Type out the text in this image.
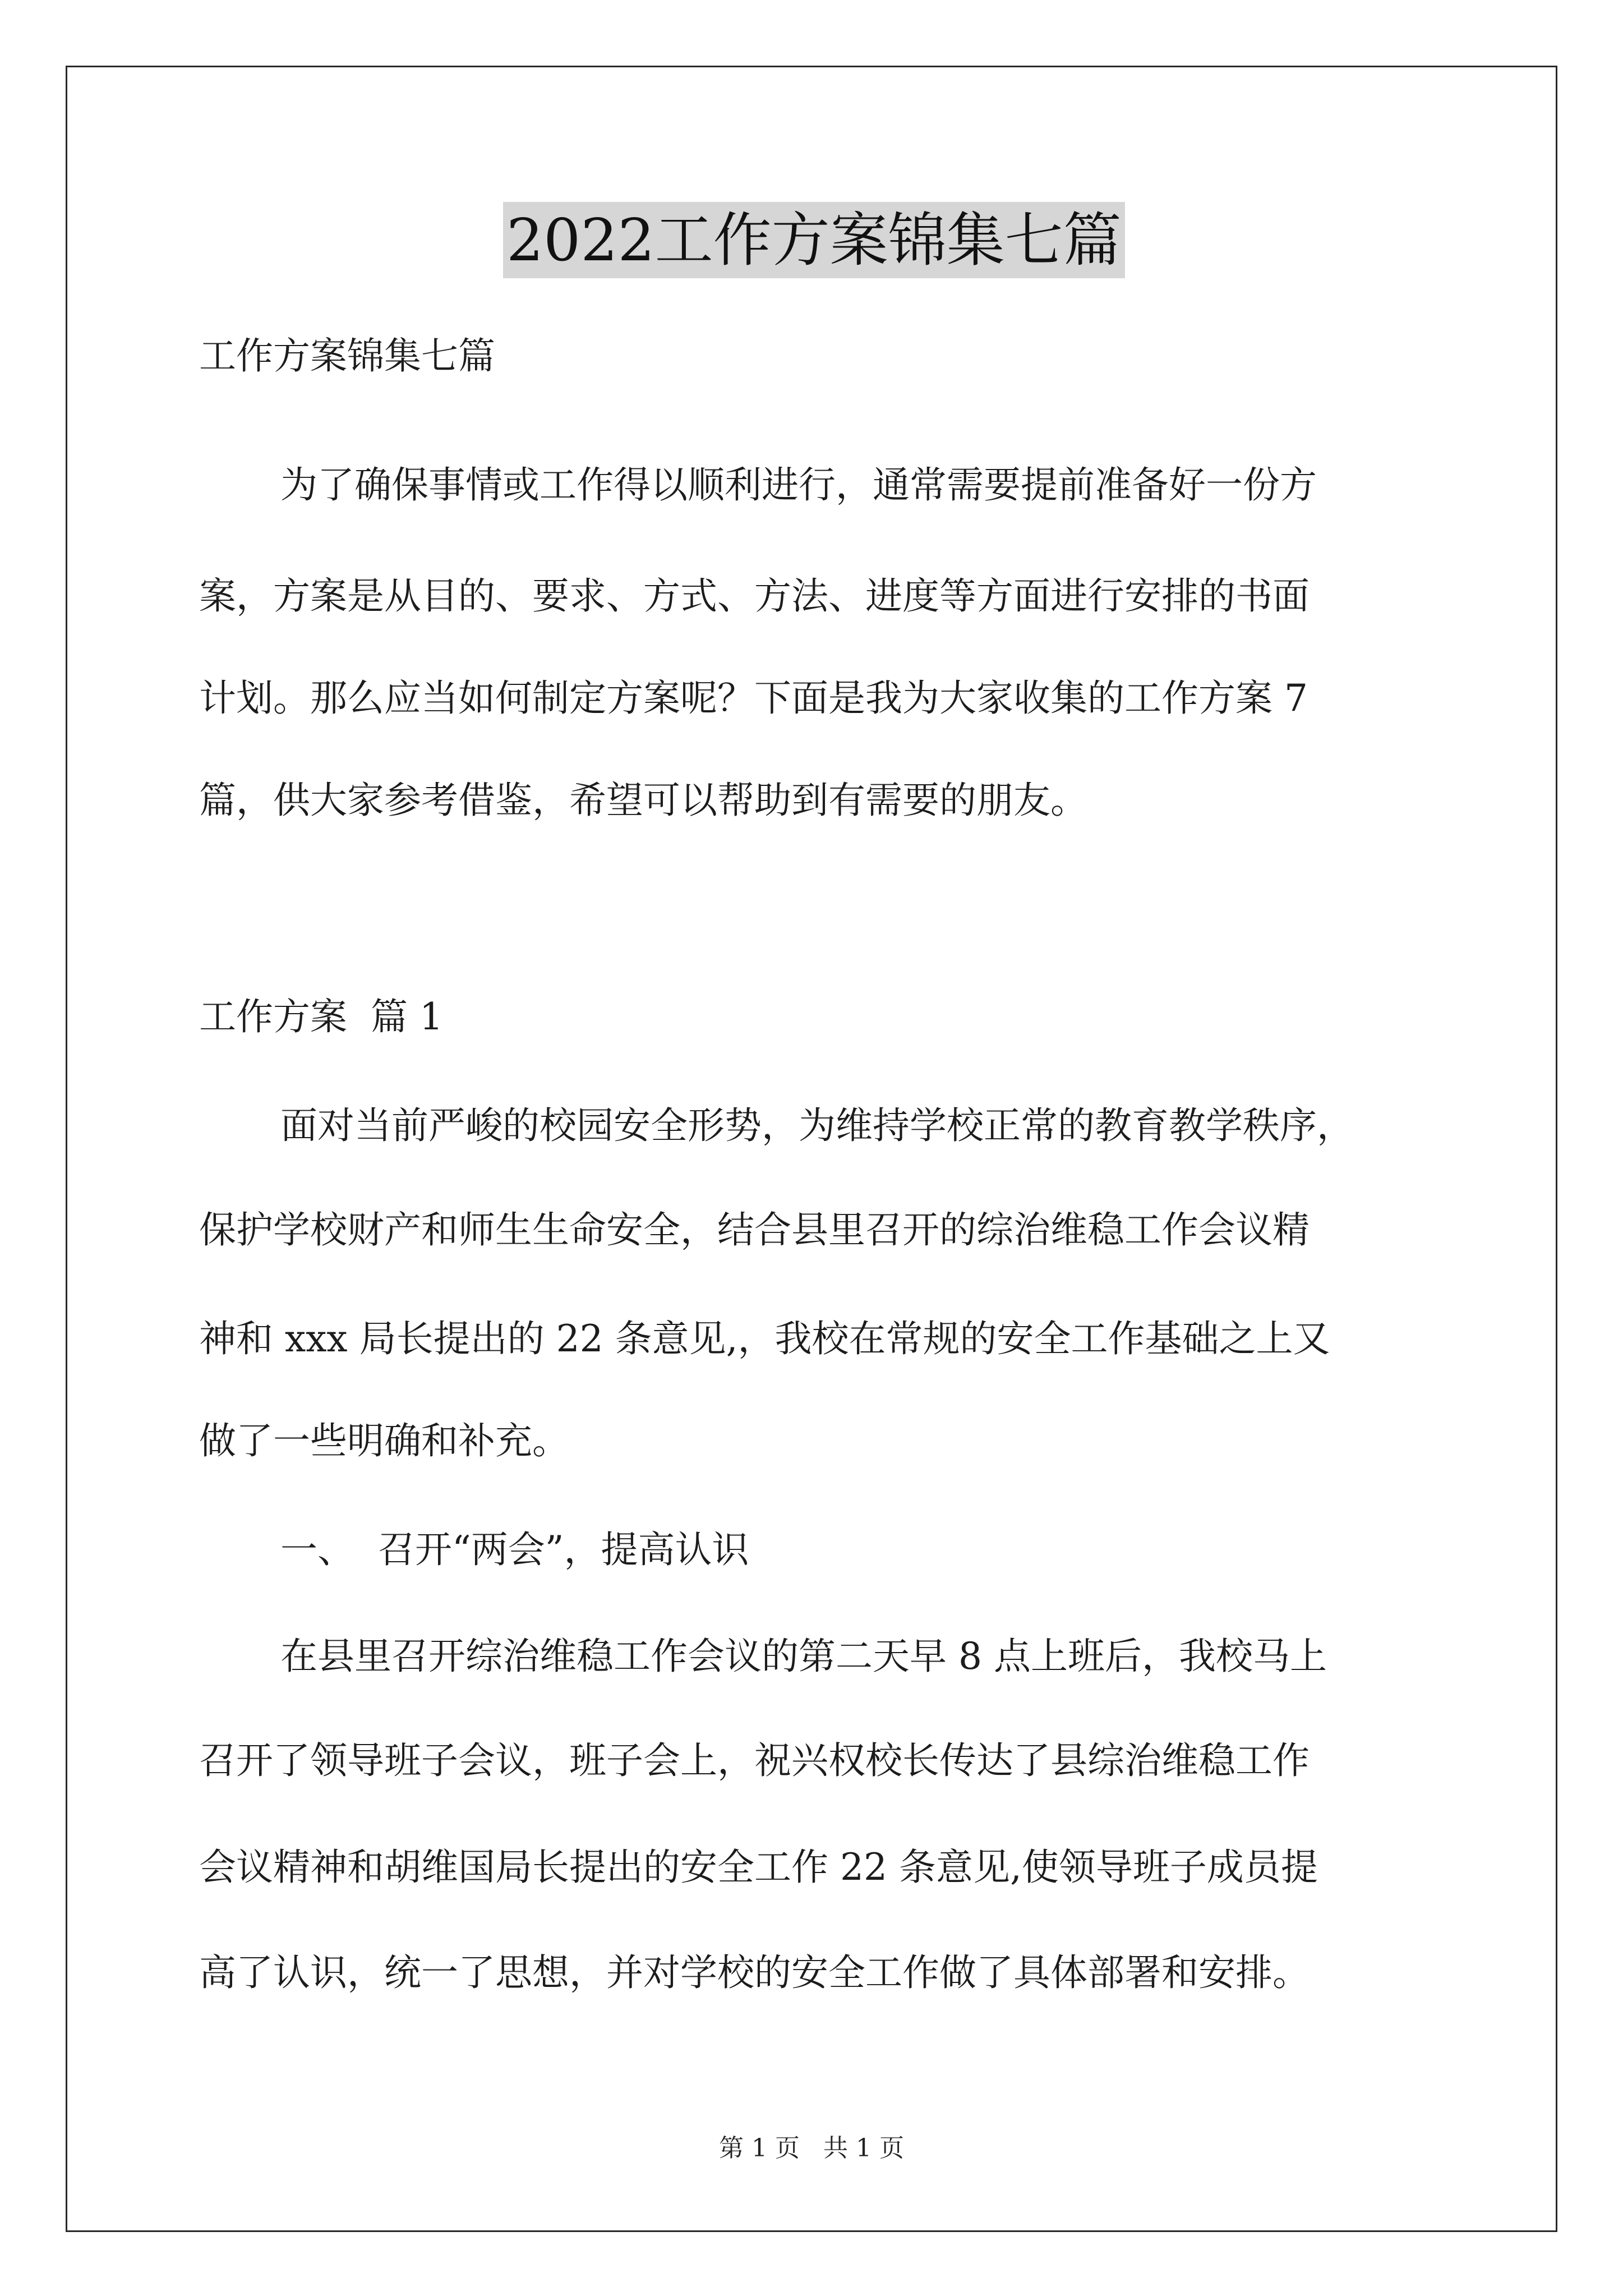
2022工作方案锦集七篇
工作方案锦集七篇
为了确保事情或工作得以顺利进行，通常需要提前准备好一份方
案，方案是从目的、要求、方式、方法、进度等方面进行安排的书面
计划。那么应当如何制定方案呢？下面是我为大家收集的工作方案 7
篇，供大家参考借鉴，希望可以帮助到有需要的朋友。
工作方案  篇 1
面对当前严峻的校园安全形势，为维持学校正常的教育教学秩序，
保护学校财产和师生生命安全，结合县里召开的综治维稳工作会议精
神和 xxx 局长提出的 22 条意见,，我校在常规的安全工作基础之上又
做了一些明确和补充。
一、  召开“两会”，提高认识
在县里召开综治维稳工作会议的第二天早 8 点上班后，我校马上
召开了领导班子会议，班子会上，祝兴权校长传达了县综治维稳工作
会议精神和胡维国局长提出的安全工作 22 条意见,使领导班子成员提
高了认识，统一了思想，并对学校的安全工作做了具体部署和安排。
第 1 页 共 1 页
